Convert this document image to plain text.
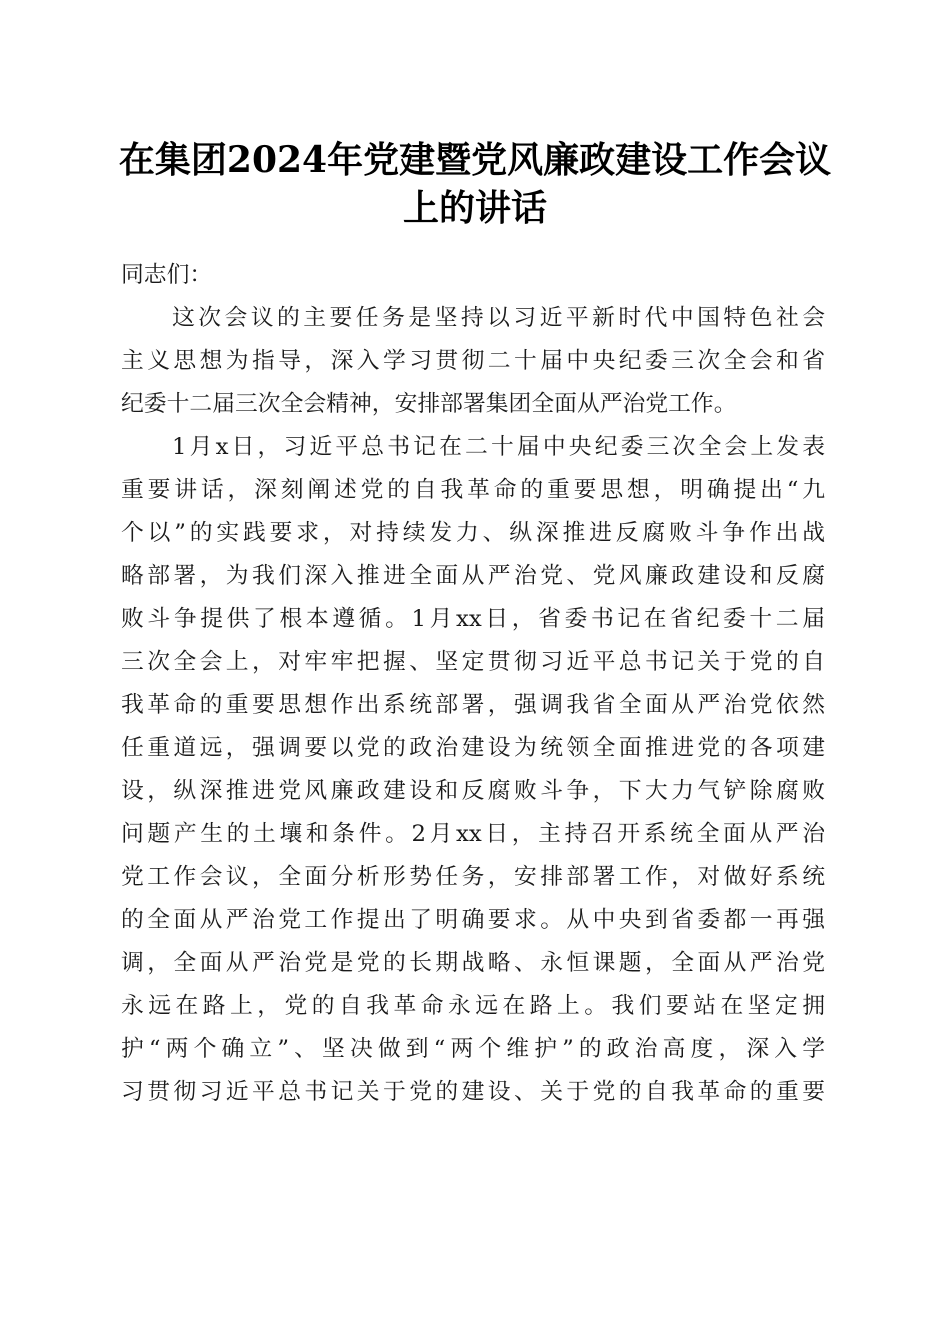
在集团2024年党建暨党风廉政建设工作会议
上的讲话
同志们：
这次会议的主要任务是坚持以习近平新时代中国特色社会
主义思想为指导，深入学习贯彻二十届中央纪委三次全会和省
纪委十二届三次全会精神，安排部署集团全面从严治党工作。
1月x日，习近平总书记在二十届中央纪委三次全会上发表
重要讲话，深刻阐述党的自我革命的重要思想，明确提出“九
个以”的实践要求，对持续发力、纵深推进反腐败斗争作出战
略部署，为我们深入推进全面从严治党、党风廉政建设和反腐
败斗争提供了根本遵循。1月xx日，省委书记在省纪委十二届
三次全会上，对牢牢把握、坚定贯彻习近平总书记关于党的自
我革命的重要思想作出系统部署，强调我省全面从严治党依然
任重道远，强调要以党的政治建设为统领全面推进党的各项建
设，纵深推进党风廉政建设和反腐败斗争，下大力气铲除腐败
问题产生的土壤和条件。2月xx日，主持召开系统全面从严治
党工作会议，全面分析形势任务，安排部署工作，对做好系统
的全面从严治党工作提出了明确要求。从中央到省委都一再强
调，全面从严治党是党的长期战略、永恒课题，全面从严治党
永远在路上，党的自我革命永远在路上。我们要站在坚定拥
护“两个确立”、坚决做到“两个维护”的政治高度，深入学
习贯彻习近平总书记关于党的建设、关于党的自我革命的重要
